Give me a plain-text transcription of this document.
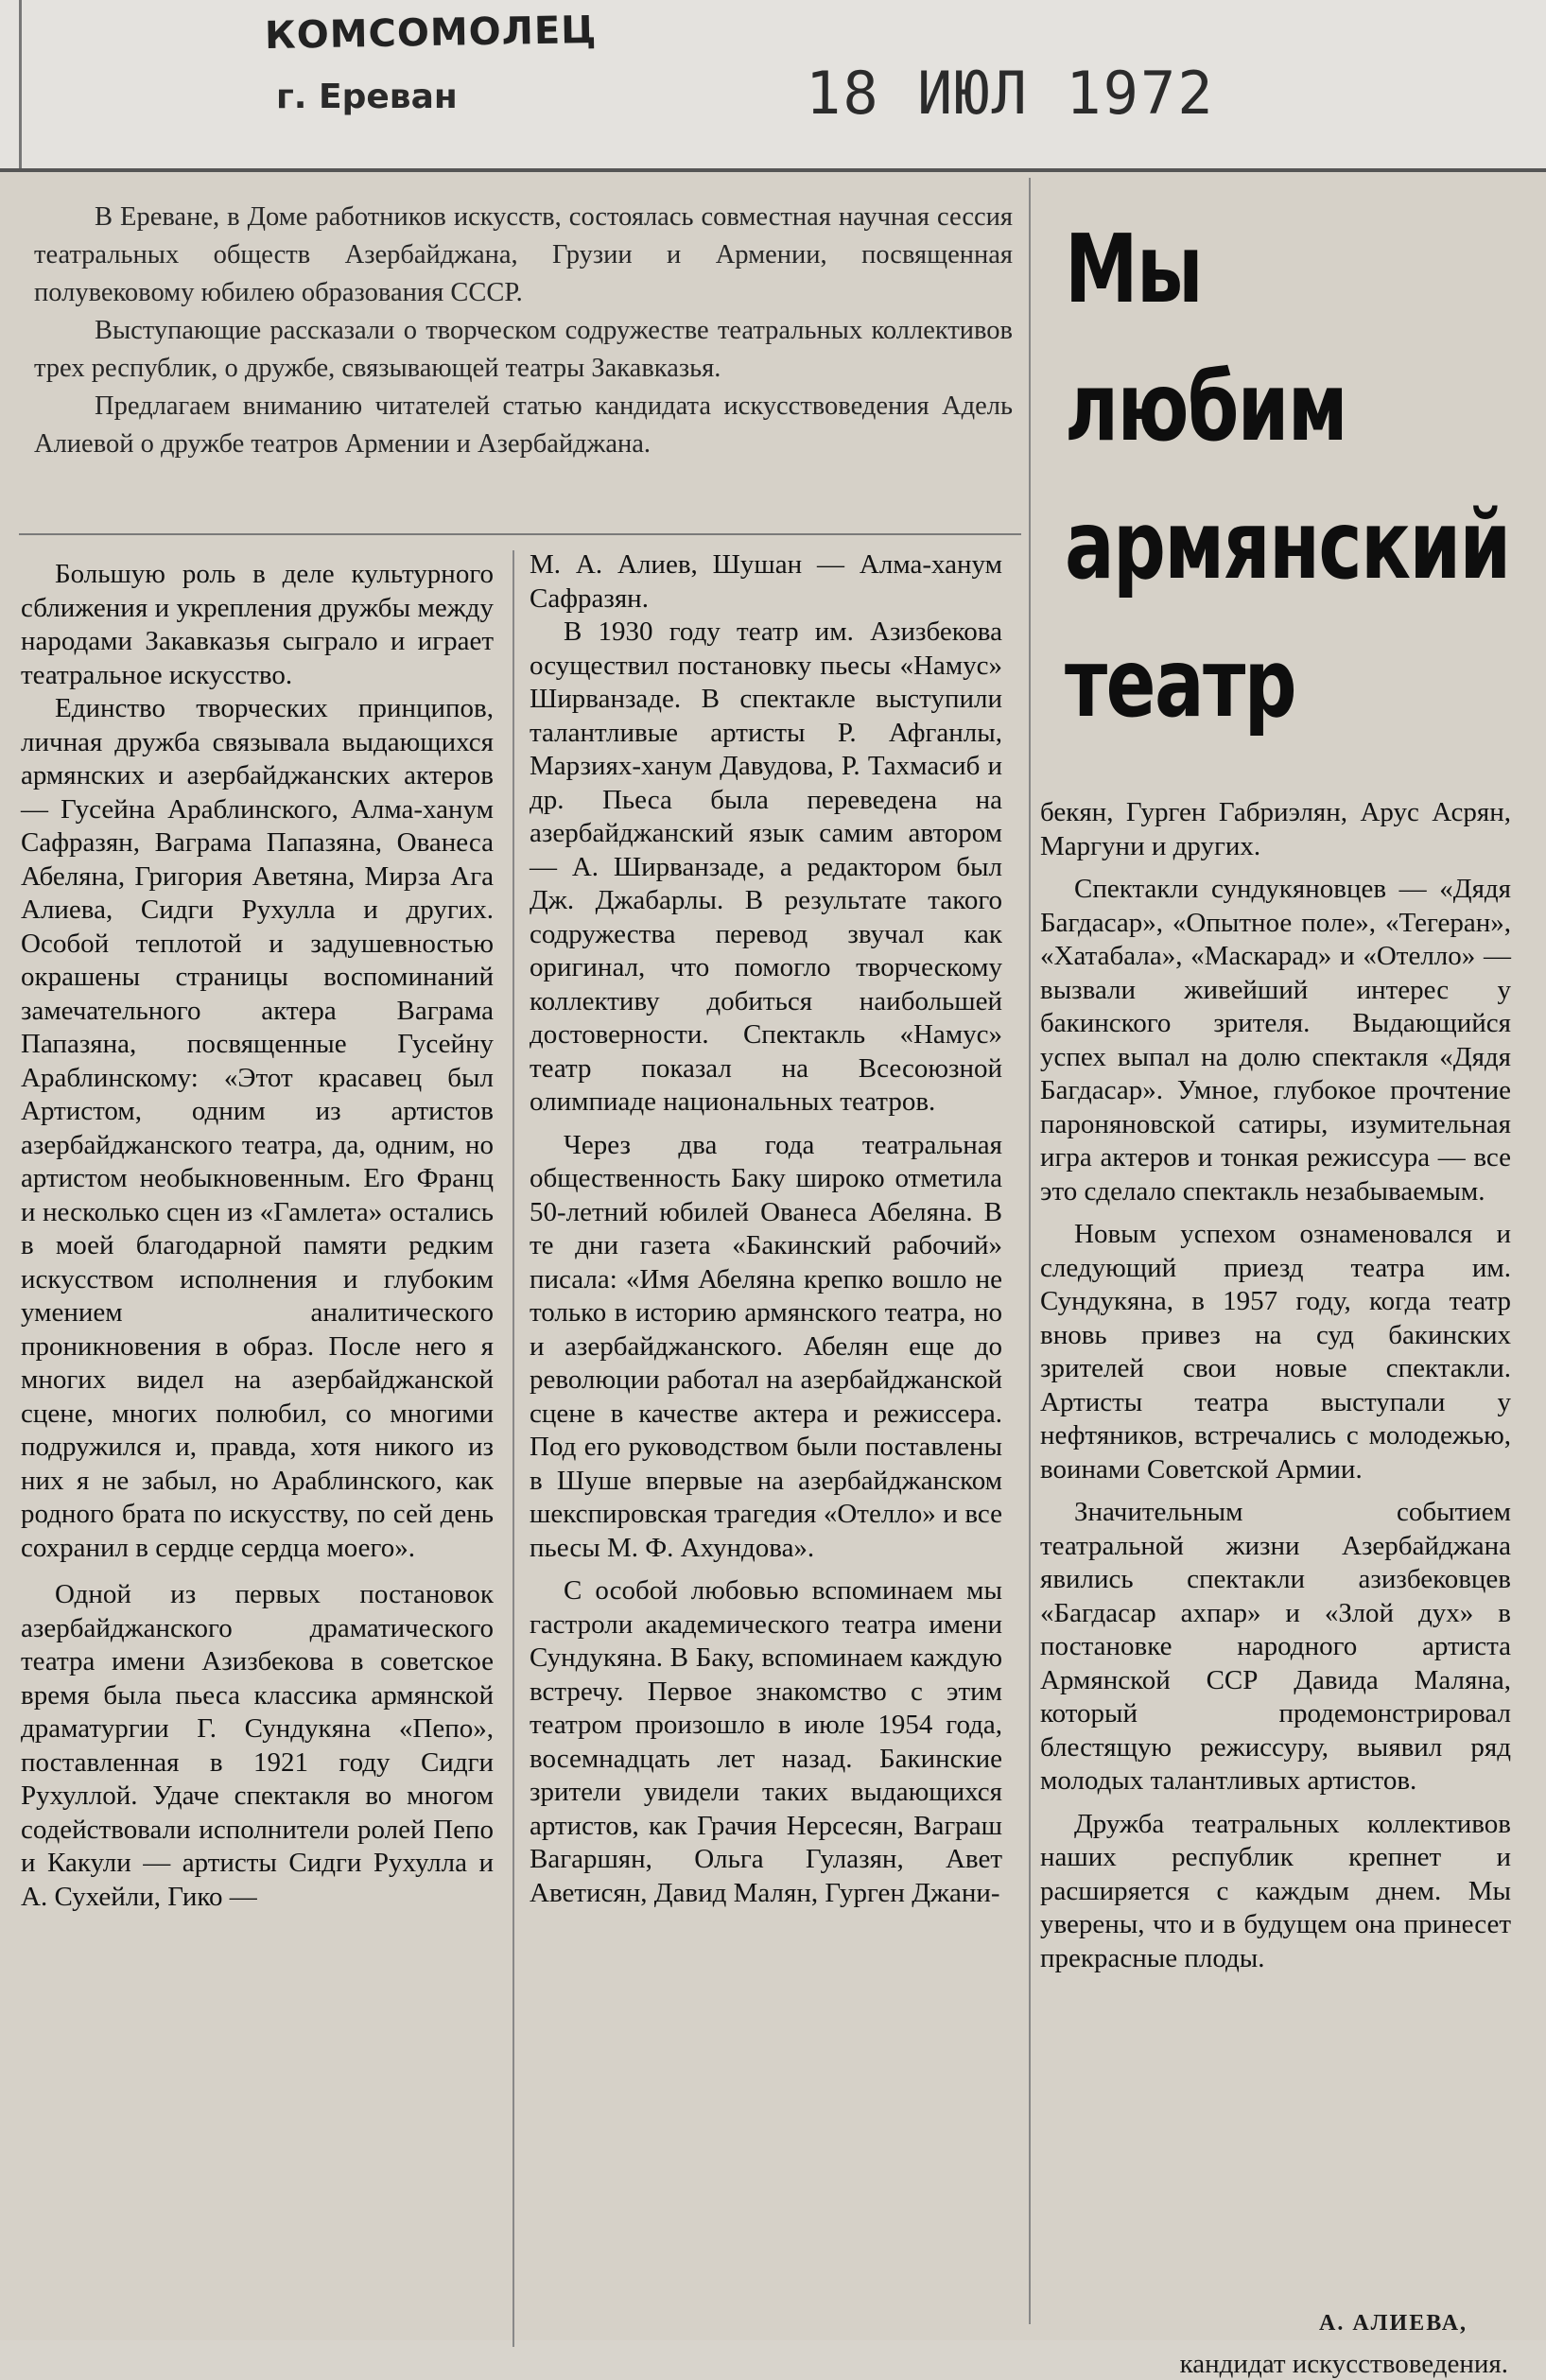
КОМСОМОЛЕЦ
г. Ереван	18 ИЮЛ 1972

В Ереване, в Доме работников искусств, состоялась совместная научная сессия театральных обществ Азербайджана, Грузии и Армении, посвященная полувековому юбилею образования СССР.

Выступающие рассказали о творческом содружестве театральных коллективов трех республик, о дружбе, связывающей театры Закавказья.

Предлагаем вниманию читателей статью кандидата искусствоведения Адель Алиевой о дружбе театров Армении и Азербайджана.

Мы
любим
армянский
театр

Большую роль в деле культурного сближения и укрепления дружбы между народами Закавказья сыграло и играет театральное искусство.

Единство творческих принципов, личная дружба связывала выдающихся армянских и азербайджанских актеров — Гусейна Араблинского, Алма-ханум Сафразян, Ваграма Папазяна, Ованеса Абеляна, Григория Аветяна, Мирза Ага Алиева, Сидги Рухулла и других. Особой теплотой и задушевностью окрашены страницы воспоминаний замечательного актера Ваграма Папазяна, посвященные Гусейну Араблинскому: «Этот красавец был Артистом, одним из артистов азербайджанского театра, да, одним, но артистом необыкновенным. Его Франц и несколько сцен из «Гамлета» остались в моей благодарной памяти редким искусством исполнения и глубоким умением аналитического проникновения в образ. После него я многих видел на азербайджанской сцене, многих полюбил, со многими подружился и, правда, хотя никого из них я не забыл, но Араблинского, как родного брата по искусству, по сей день сохранил в сердце сердца моего».

Одной из первых постановок азербайджанского драматического театра имени Азизбекова в советское время была пьеса классика армянской драматургии Г. Сундукяна «Пепо», поставленная в 1921 году Сидги Рухуллой. Удаче спектакля во многом содействовали исполнители ролей Пепо и Какули — артисты Сидги Рухулла и А. Сухейли, Гико —

М. А. Алиев, Шушан — Алма-ханум Сафразян.

В 1930 году театр им. Азизбекова осуществил постановку пьесы «Намус» Ширванзаде. В спектакле выступили талантливые артисты Р. Афганлы, Марзиях-ханум Давудова, Р. Тахмасиб и др. Пьеса была переведена на азербайджанский язык самим автором — А. Ширванзаде, а редактором был Дж. Джабарлы. В результате такого содружества перевод звучал как оригинал, что помогло творческому коллективу добиться наибольшей достоверности. Спектакль «Намус» театр показал на Всесоюзной олимпиаде национальных театров.

Через два года театральная общественность Баку широко отметила 50-летний юбилей Ованеса Абеляна. В те дни газета «Бакинский рабочий» писала: «Имя Абеляна крепко вошло не только в историю армянского театра, но и азербайджанского. Абелян еще до революции работал на азербайджанской сцене в качестве актера и режиссера. Под его руководством были поставлены в Шуше впервые на азербайджанском шекспировская трагедия «Отелло» и все пьесы М. Ф. Ахундова».

С особой любовью вспоминаем мы гастроли академического театра имени Сундукяна. В Баку, вспоминаем каждую встречу. Первое знакомство с этим театром произошло в июле 1954 года, восемнадцать лет назад. Бакинские зрители увидели таких выдающихся артистов, как Грачия Нерсесян, Ваграш Вагаршян, Ольга Гулазян, Авет Аветисян, Давид Малян, Гурген Джани-

бекян, Гурген Габриэлян, Арус Асрян, Маргуни и других.

Спектакли сундукяновцев — «Дядя Багдасар», «Опытное поле», «Тегеран», «Хатабала», «Маскарад» и «Отелло» — вызвали живейший интерес у бакинского зрителя. Выдающийся успех выпал на долю спектакля «Дядя Багдасар». Умное, глубокое прочтение пароняновской сатиры, изумительная игра актеров и тонкая режиссура — все это сделало спектакль незабываемым.

Новым успехом ознаменовался и следующий приезд театра им. Сундукяна, в 1957 году, когда театр вновь привез на суд бакинских зрителей свои новые спектакли. Артисты театра выступали у нефтяников, встречались с молодежью, воинами Советской Армии.

Значительным событием театральной жизни Азербайджана явились спектакли азизбековцев «Багдасар ахпар» и «Злой дух» в постановке народного артиста Армянской ССР Давида Маляна, который продемонстрировал блестящую режиссуру, выявил ряд молодых талантливых артистов.

Дружба театральных коллективов наших республик крепнет и расширяется с каждым днем. Мы уверены, что и в будущем она принесет прекрасные плоды.

А. АЛИЕВА,
кандидат искусствоведения.
